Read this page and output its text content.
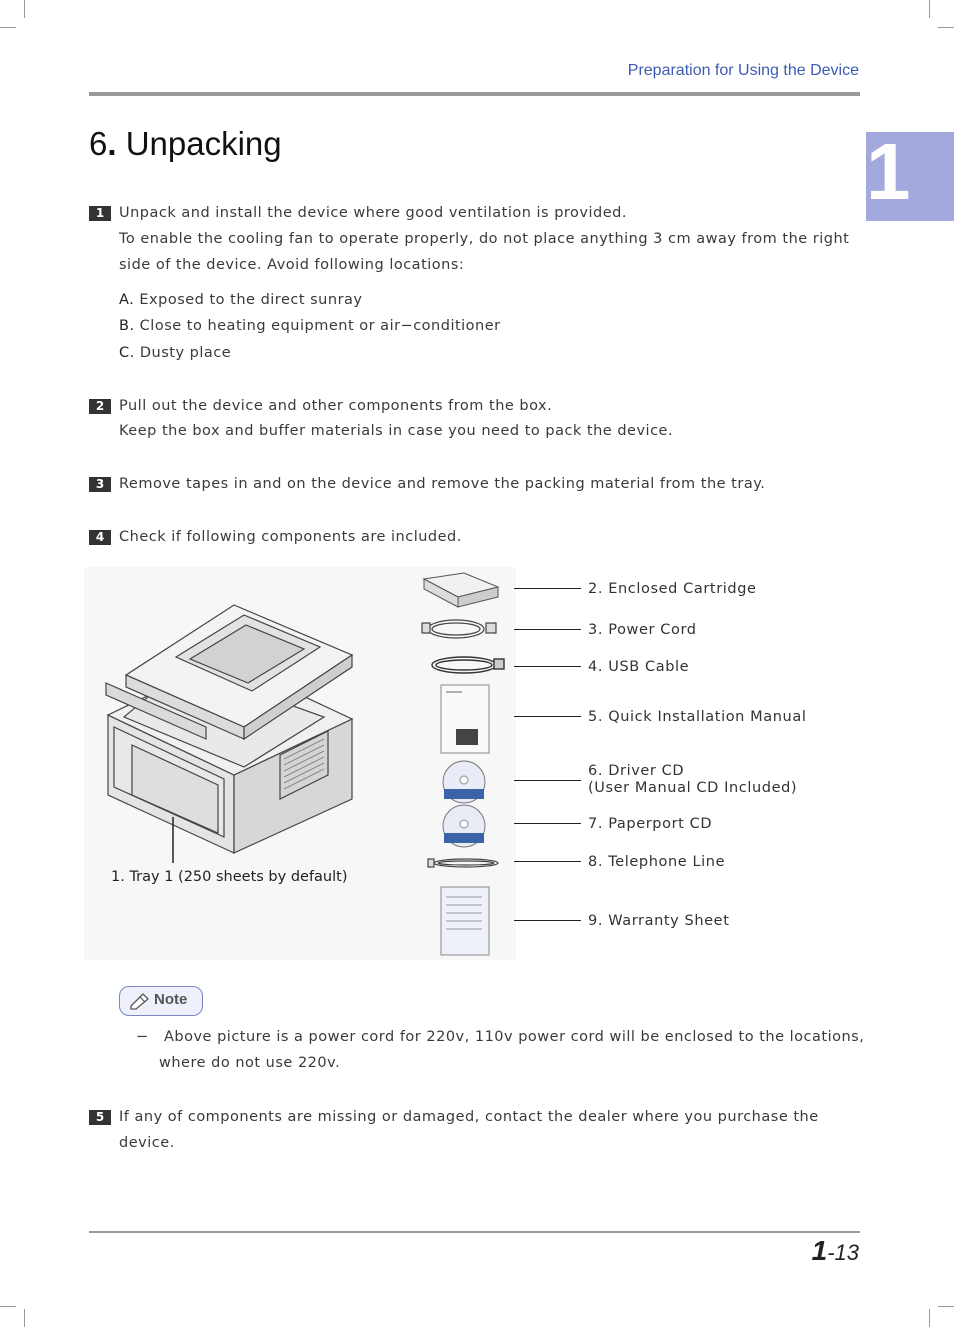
Preparation for Using the Device
1
6. Unpacking
1	Unpack and install the device where good ventilation is provided.
To enable the cooling fan to operate properly, do not place anything 3 cm away from the right
side of the device. Avoid following locations:
A. Exposed to the direct sunray
B. Close to heating equipment or air−conditioner
C. Dusty place
2	Pull out the device and other components from the box.
Keep the box and buffer materials in case you need to pack the device.
3	Remove tapes in and on the device and remove the packing material from the tray.
4	Check if following components are included.
1. Tray 1 (250 sheets by default)
2. Enclosed Cartridge
3. Power Cord
4. USB Cable
5. Quick Installation Manual
6. Driver CD
(User Manual CD Included)
7. Paperport CD
8. Telephone Line
9. Warranty Sheet
Note
− Above picture is a power cord for 220v, 110v power cord will be enclosed to the locations,
where do not use 220v.
5	If any of components are missing or damaged, contact the dealer where you purchase the
device.
1-13
